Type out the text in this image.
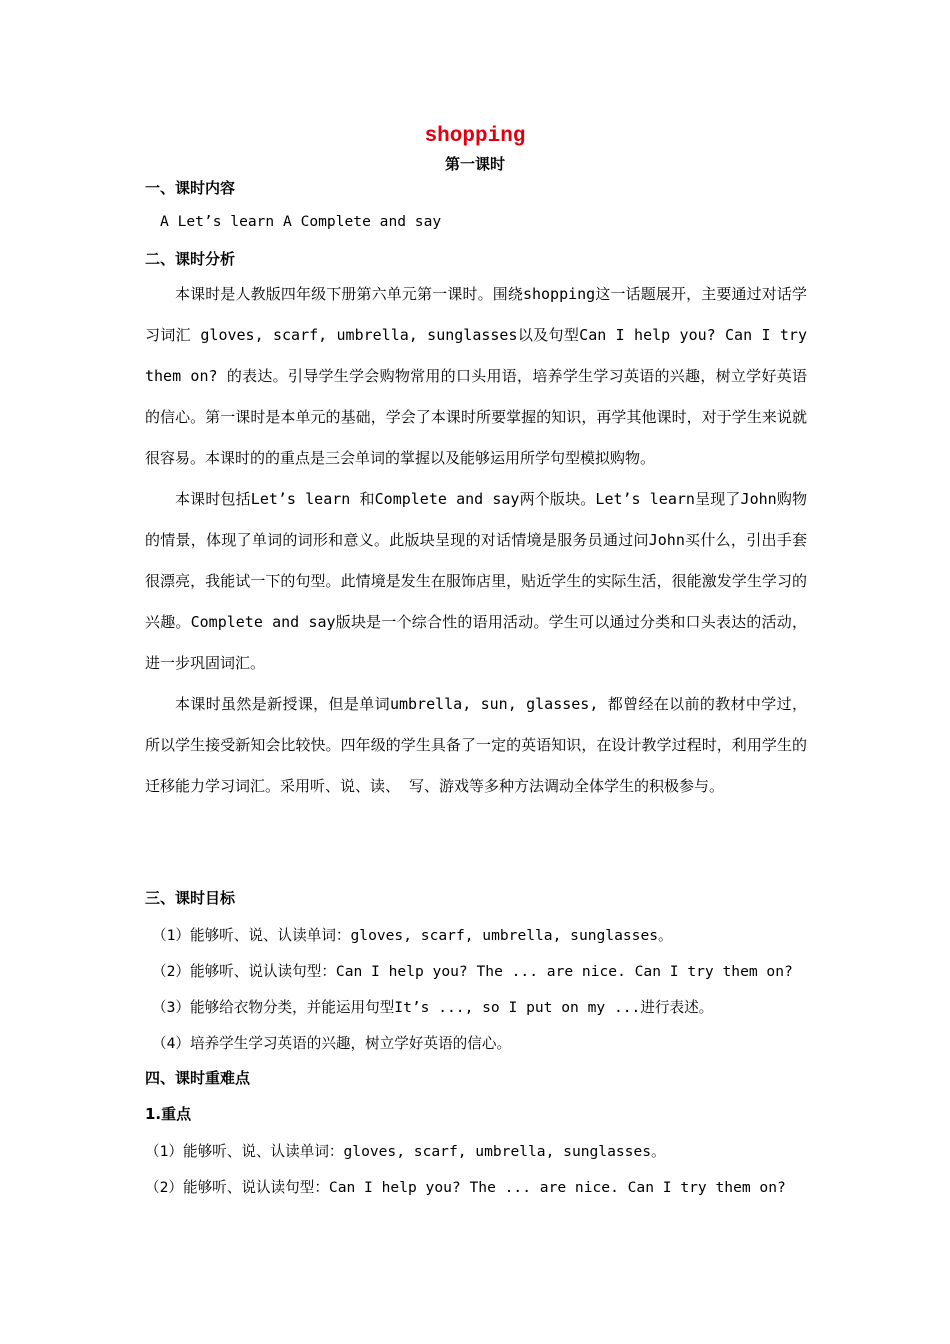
shopping
第一课时
一、课时内容
A Let’s learn A Complete and say
二、课时分析

本课时是人教版四年级下册第六单元第一课时。围绕shopping这一话题展开，主要通过对话学习词汇 gloves, scarf, umbrella, sunglasses以及句型Can I help you? Can I try them on? 的表达。引导学生学会购物常用的口头用语，培养学生学习英语的兴趣，树立学好英语的信心。第一课时是本单元的基础，学会了本课时所要掌握的知识，再学其他课时，对于学生来说就很容易。本课时的的重点是三会单词的掌握以及能够运用所学句型模拟购物。

本课时包括Let’s learn 和Complete and say两个版块。Let’s learn呈现了John购物的情景，体现了单词的词形和意义。此版块呈现的对话情境是服务员通过问John买什么，引出手套很漂亮，我能试一下的句型。此情境是发生在服饰店里，贴近学生的实际生活，很能激发学生学习的兴趣。Complete and say版块是一个综合性的语用活动。学生可以通过分类和口头表达的活动，进一步巩固词汇。

本课时虽然是新授课，但是单词umbrella, sun, glasses, 都曾经在以前的教材中学过，所以学生接受新知会比较快。四年级的学生具备了一定的英语知识，在设计教学过程时，利用学生的迁移能力学习词汇。采用听、说、读、 写、游戏等多种方法调动全体学生的积极参与。

三、课时目标
（1）能够听、说、认读单词：gloves, scarf, umbrella, sunglasses。
（2）能够听、说认读句型：Can I help you? The ... are nice. Can I try them on?
（3）能够给衣物分类，并能运用句型It’s ..., so I put on my ...进行表述。
（4）培养学生学习英语的兴趣，树立学好英语的信心。
四、课时重难点
1.重点
（1）能够听、说、认读单词：gloves, scarf, umbrella, sunglasses。
（2）能够听、说认读句型：Can I help you? The ... are nice. Can I try them on?
